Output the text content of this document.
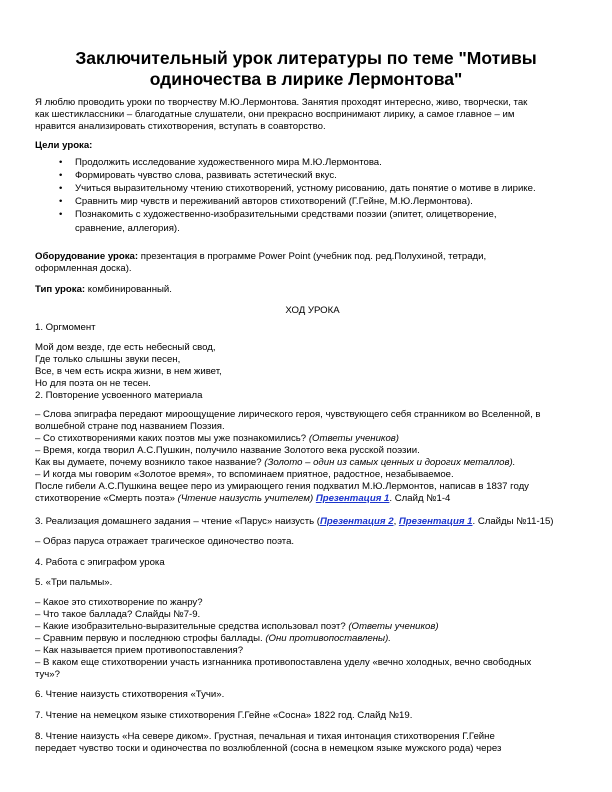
Заключительный урок литературы по теме "Мотивы
одиночества в лирике Лермонтова"

Я люблю проводить уроки по творчеству М.Ю.Лермонтова. Занятия проходят интересно, живо, творчески, так

как шестиклассники – благодатные слушатели, они прекрасно воспринимают лирику, а самое главное – им

нравится анализировать стихотворения, вступать в соавторство.

Цели урока:

• Продолжить исследование художественного мира М.Ю.Лермонтова.
• Формировать чувство слова, развивать эстетический вкус.
• Учиться выразительному чтению стихотворений, устному рисованию, дать понятие о мотиве в лирике.
• Сравнить мир чувств и переживаний авторов стихотворений (Г.Гейне, М.Ю.Лермонтова).
• Познакомить с художественно-изобразительными средствами поэзии (эпитет, олицетворение,

сравнение, аллегория).

Оборудование урока: презентация в программе Power Point (учебник под. ред.Полухиной, тетради,

оформленная доска).

Тип урока: комбинированный.

ХОД УРОКА

1. Оргмомент

Мой дом везде, где есть небесный свод,

Где только слышны звуки песен,

Все, в чем есть искра жизни, в нем живет,

Но для поэта он не тесен.

2. Повторение усвоенного материала

– Слова эпиграфа передают мироощущение лирического героя, чувствующего себя странником во Вселенной, в

волшебной стране под названием Поэзия.

– Со стихотворениями каких поэтов мы уже познакомились? (Ответы учеников)

– Время, когда творил А.С.Пушкин, получило название Золотого века русской поэзии.

Как вы думаете, почему возникло такое название? (Золото – один из самых ценных и дорогих металлов).

– И когда мы говорим «Золотое время», то вспоминаем приятное, радостное, незабываемое.

После гибели А.С.Пушкина вещее перо из умирающего гения подхватил М.Ю.Лермонтов, написав в 1837 году

стихотворение «Смерть поэта» (Чтение наизусть учителем) Презентация 1. Слайд №1-4

3. Реализация домашнего задания – чтение «Парус» наизусть (Презентация 2, Презентация 1. Слайды №11-15)

– Образ паруса отражает трагическое одиночество поэта.

4. Работа с эпиграфом урока

5. «Три пальмы».

– Какое это стихотворение по жанру?

– Что такое баллада? Слайды №7-9.

– Какие изобразительно-выразительные средства использовал поэт? (Ответы учеников)

– Сравним первую и последнюю строфы баллады. (Они противопоставлены).

– Как называется прием противопоставления?

– В каком еще стихотворении участь изгнанника противопоставлена уделу «вечно холодных, вечно свободных

туч»?

6. Чтение наизусть стихотворения «Тучи».

7. Чтение на немецком языке стихотворения Г.Гейне «Сосна» 1822 год. Слайд №19.

8. Чтение наизусть «На севере диком». Грустная, печальная и тихая интонация стихотворения Г.Гейне

передает чувство тоски и одиночества по возлюбленной (сосна в немецком языке мужского рода) через
